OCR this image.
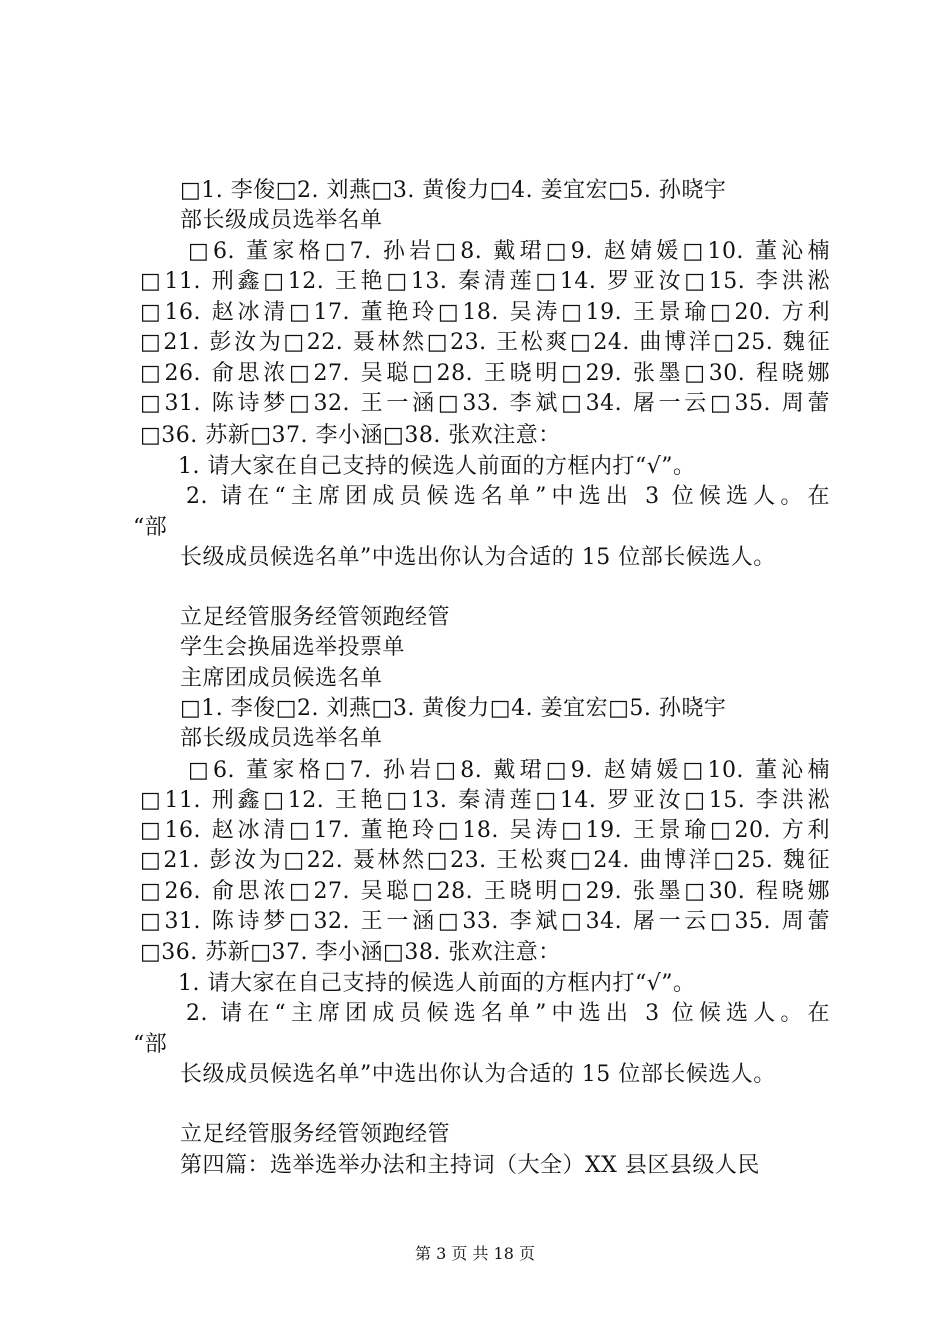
□1. 李俊□2. 刘燕□3. 黄俊力□4. 姜宜宏□5. 孙晓宇
部长级成员选举名单
□6. 董家格□7. 孙岩□8. 戴珺□9. 赵婧媛□10. 董沁楠
□11. 刑鑫□12. 王艳□13. 秦清莲□14. 罗亚汝□15. 李洪淞
□16. 赵冰清□17. 董艳玲□18. 吴涛□19. 王景瑜□20. 方利
□21. 彭汝为□22. 聂林然□23. 王松爽□24. 曲博洋□25. 魏征
□26. 俞思浓□27. 吴聪□28. 王晓明□29. 张墨□30. 程晓娜
□31. 陈诗梦□32. 王一涵□33. 李斌□34. 屠一云□35. 周蕾
□36. 苏新□37. 李小涵□38. 张欢注意：
1. 请大家在自己支持的候选人前面的方框内打“√”。
2. 请在“主席团成员候选名单”中选出 3 位候选人。在
“部
长级成员候选名单”中选出你认为合适的 15 位部长候选人。
立足经管服务经管领跑经管
学生会换届选举投票单
主席团成员候选名单
□1. 李俊□2. 刘燕□3. 黄俊力□4. 姜宜宏□5. 孙晓宇
部长级成员选举名单
□6. 董家格□7. 孙岩□8. 戴珺□9. 赵婧媛□10. 董沁楠
□11. 刑鑫□12. 王艳□13. 秦清莲□14. 罗亚汝□15. 李洪淞
□16. 赵冰清□17. 董艳玲□18. 吴涛□19. 王景瑜□20. 方利
□21. 彭汝为□22. 聂林然□23. 王松爽□24. 曲博洋□25. 魏征
□26. 俞思浓□27. 吴聪□28. 王晓明□29. 张墨□30. 程晓娜
□31. 陈诗梦□32. 王一涵□33. 李斌□34. 屠一云□35. 周蕾
□36. 苏新□37. 李小涵□38. 张欢注意：
1. 请大家在自己支持的候选人前面的方框内打“√”。
2. 请在“主席团成员候选名单”中选出 3 位候选人。在
“部
长级成员候选名单”中选出你认为合适的 15 位部长候选人。
立足经管服务经管领跑经管
第四篇：选举选举办法和主持词（大全）XX 县区县级人民
第 3 页 共 18 页
